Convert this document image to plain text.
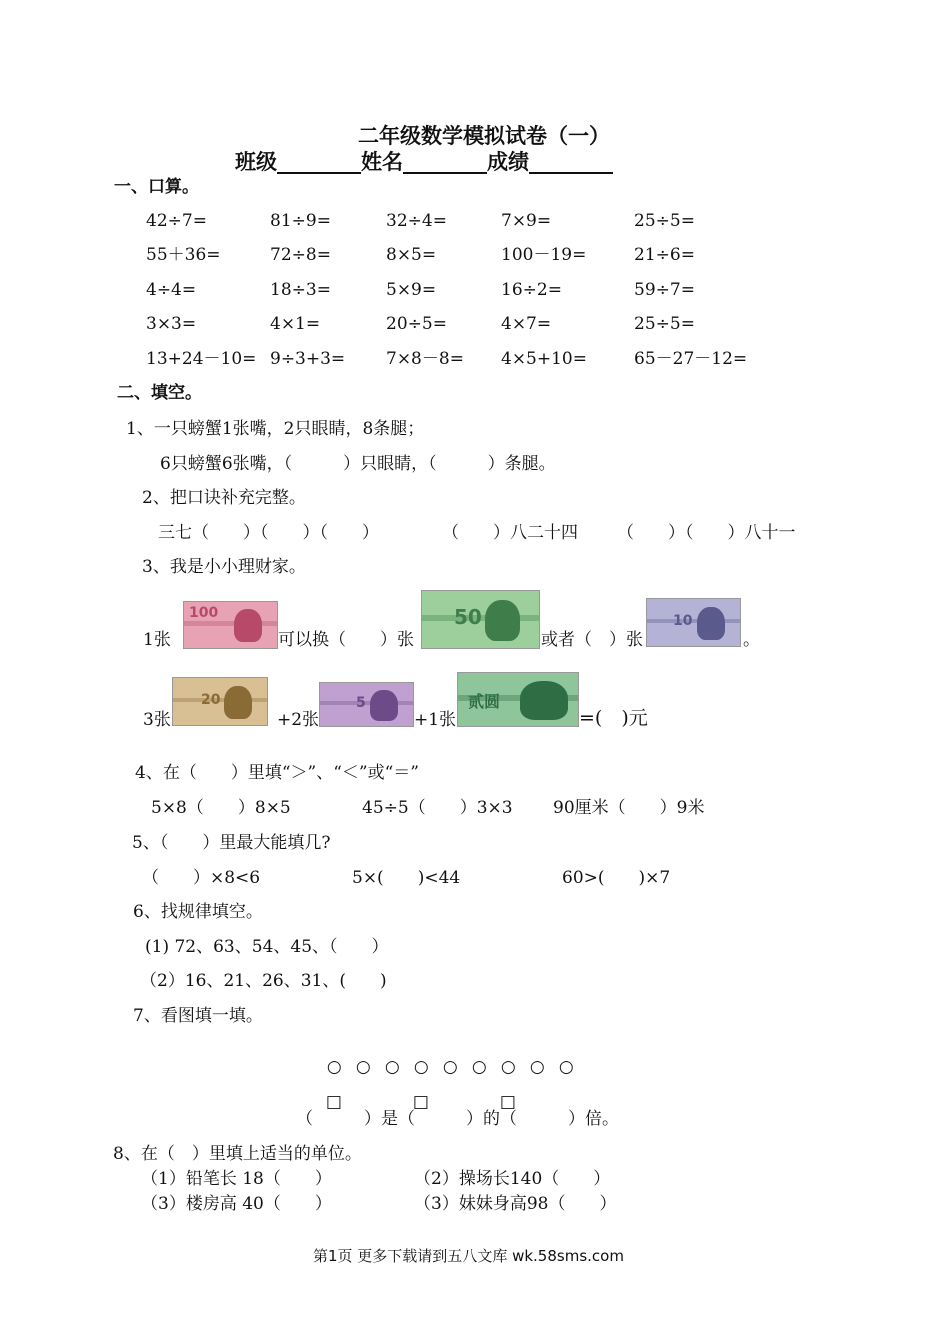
二年级数学模拟试卷（一）
班级________姓名________成绩________
一、口算。
42÷7=	81÷9=	32÷4=	7×9=	25÷5=
55＋36=	72÷8=	8×5=	100－19=	21÷6=
4÷4=	18÷3=	5×9=	16÷2=	59÷7=
3×3=	4×1=	20÷5=	4×7=	25÷5=
13+24－10= 9÷3+3= 7×8－8= 4×5+10=	65－27－12=
二、填空。
1、一只螃蟹1张嘴，2只眼睛，8条腿；
6只螃蟹6张嘴，（　　　）只眼睛，（　　　）条腿。
2、把口诀补充完整。
三七（　　）（　　）（　　）	（　　）八二十四 （　　）（　　）八十一
3、我是小小理财家。
1张
100
可以换（　　）张
50
或者（　）张
10
。
3张
20
+2张
5
+1张
贰圆
=(　)元
4、在（　　）里填“＞”、“＜”或“＝”
5×8（　　）8×5	45÷5（　　）3×3 90厘米（　　）9米
5、（　　）里最大能填几?
（　　）×8<6	5×(　　)<44	60>(　　)×7
6、找规律填空。
(1) 72、63、54、45、（　　）
（2）16、21、26、31、(　　)
7、看图填一填。

○ ○ ○ ○ ○ ○ ○ ○ ○

□	□	□

（　　　）是（　　　）的（　　　）倍。
8、在（　）里填上适当的单位。
（1）铅笔长 18（　　）	（2）操场长140（　　）
（3）楼房高 40（　　）	（3）妹妹身高98（　　）
第1页 更多下载请到五八文库 wk.58sms.com
